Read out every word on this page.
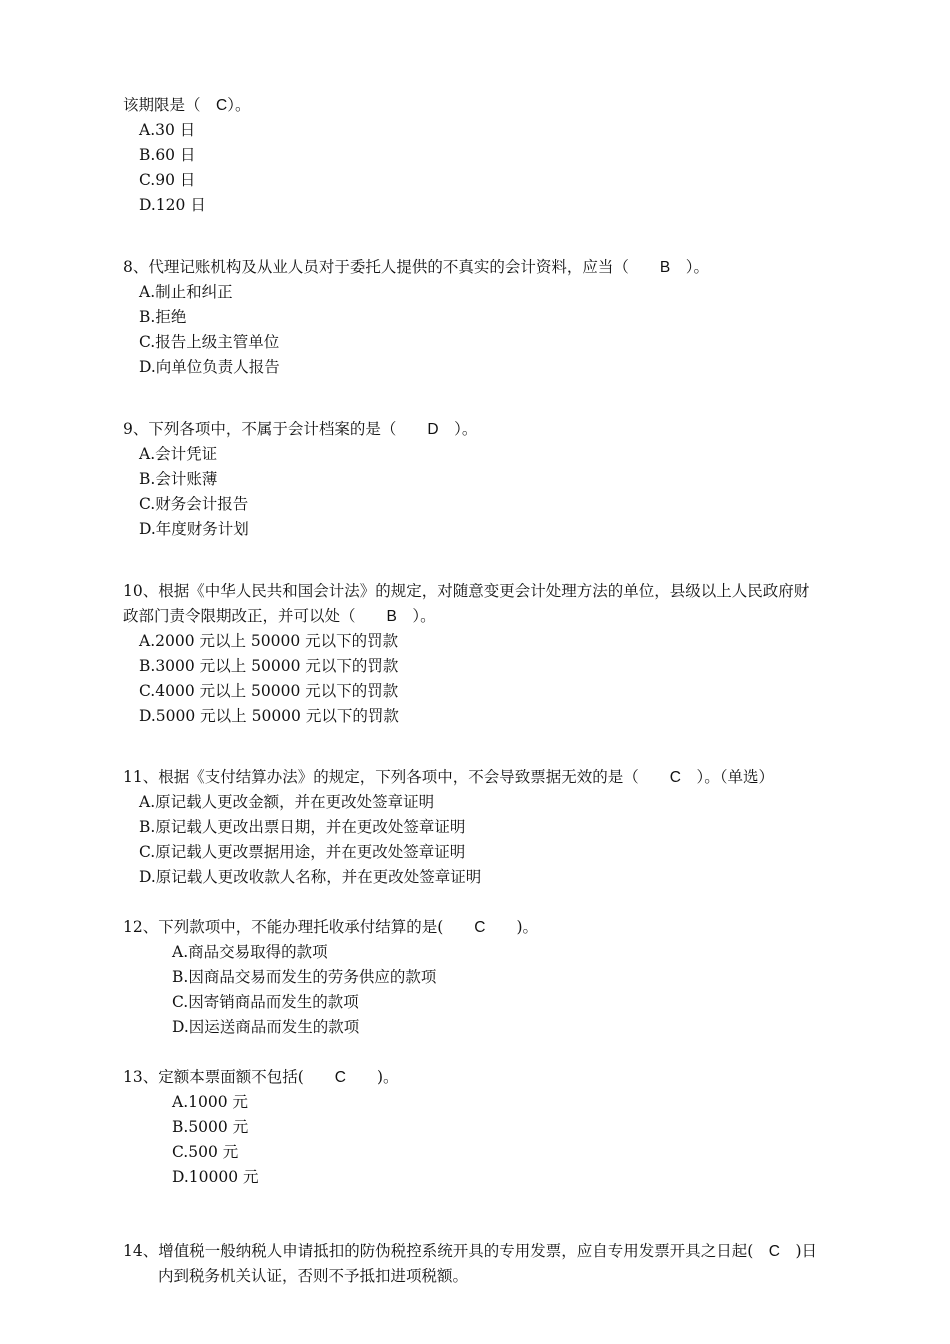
该期限是（　C）。
A.30 日
B.60 日
C.90 日
D.120 日
8、代理记账机构及从业人员对于委托人提供的不真实的会计资料，应当（　　B　 ）。
A.制止和纠正
B.拒绝
C.报告上级主管单位
D.向单位负责人报告
9、下列各项中，不属于会计档案的是（　　D　 ）。
A.会计凭证
B.会计账薄
C.财务会计报告
D.年度财务计划
10、根据《中华人民共和国会计法》的规定，对随意变更会计处理方法的单位，县级以上人民政府财
政部门责令限期改正，并可以处（　　B　 ）。
A.2000 元以上 50000 元以下的罚款
B.3000 元以上 50000 元以下的罚款
C.4000 元以上 50000 元以下的罚款
D.5000 元以上 50000 元以下的罚款
11、根据《支付结算办法》的规定，下列各项中，不会导致票据无效的是（　　C　 ）。（单选）
A.原记载人更改金额，并在更改处签章证明
B.原记载人更改出票日期，并在更改处签章证明
C.原记载人更改票据用途，并在更改处签章证明
D.原记载人更改收款人名称，并在更改处签章证明
12、下列款项中，不能办理托收承付结算的是(　　C　　 )。
A.商品交易取得的款项
B.因商品交易而发生的劳务供应的款项
C.因寄销商品而发生的款项
D.因运送商品而发生的款项
13、定额本票面额不包括(　　C　　 )。
A.1000 元
B.5000 元
C.500 元
D.10000 元
14、增值税一般纳税人申请抵扣的防伪税控系统开具的专用发票，应自专用发票开具之日起(　C　 )日
内到税务机关认证，否则不予抵扣进项税额。
